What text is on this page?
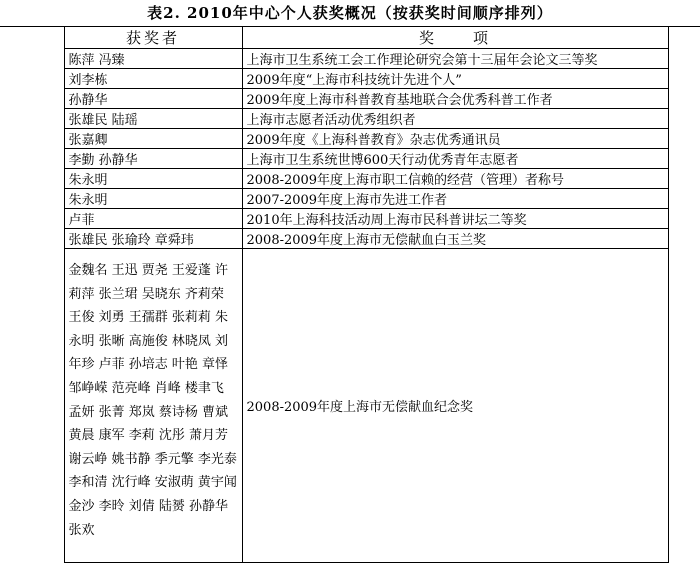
表2. 2010年中心个人获奖概况（按获奖时间顺序排列）
	获奖者	奖　　项	
	陈萍 冯臻	上海市卫生系统工会工作理论研究会第十三届年会论文三等奖	
	刘李栋	2009年度“上海市科技统计先进个人”	
	孙静华	2009年度上海市科普教育基地联合会优秀科普工作者	
	张雄民 陆瑶	上海市志愿者活动优秀组织者	
	张嘉卿	2009年度《上海科普教育》杂志优秀通讯员	
	李勤 孙静华	上海市卫生系统世博600天行动优秀青年志愿者	
	朱永明	2008-2009年度上海市职工信赖的经营（管理）者称号	
	朱永明	2007-2009年度上海市先进工作者	
	卢菲	2010年上海科技活动周上海市民科普讲坛二等奖	
	张雄民 张瑜玲 章舜玮	2008-2009年度上海市无偿献血白玉兰奖	
	金魏名 王迅 贾尧 王爱蓬 许莉萍 张兰珺 吴晓东 齐莉荣 王俊 刘勇 王孺群 张莉莉 朱永明 张晰 高施俊 林晓凤 刘年珍 卢菲 孙培志 叶艳 章怿 邹峥嵘 范亮峰 肖峰 楼聿飞 孟妍 张菁 郑岚 蔡诗杨 曹斌 黄晨 康军 李莉 沈彤 萧月芳 谢云峥 姚书静 季元擎 李光泰 李和清 沈行峰 安淑萌 黄宇闻 金沙 李昤 刘倩 陆赟 孙静华 张欢	2008-2009年度上海市无偿献血纪念奖	
